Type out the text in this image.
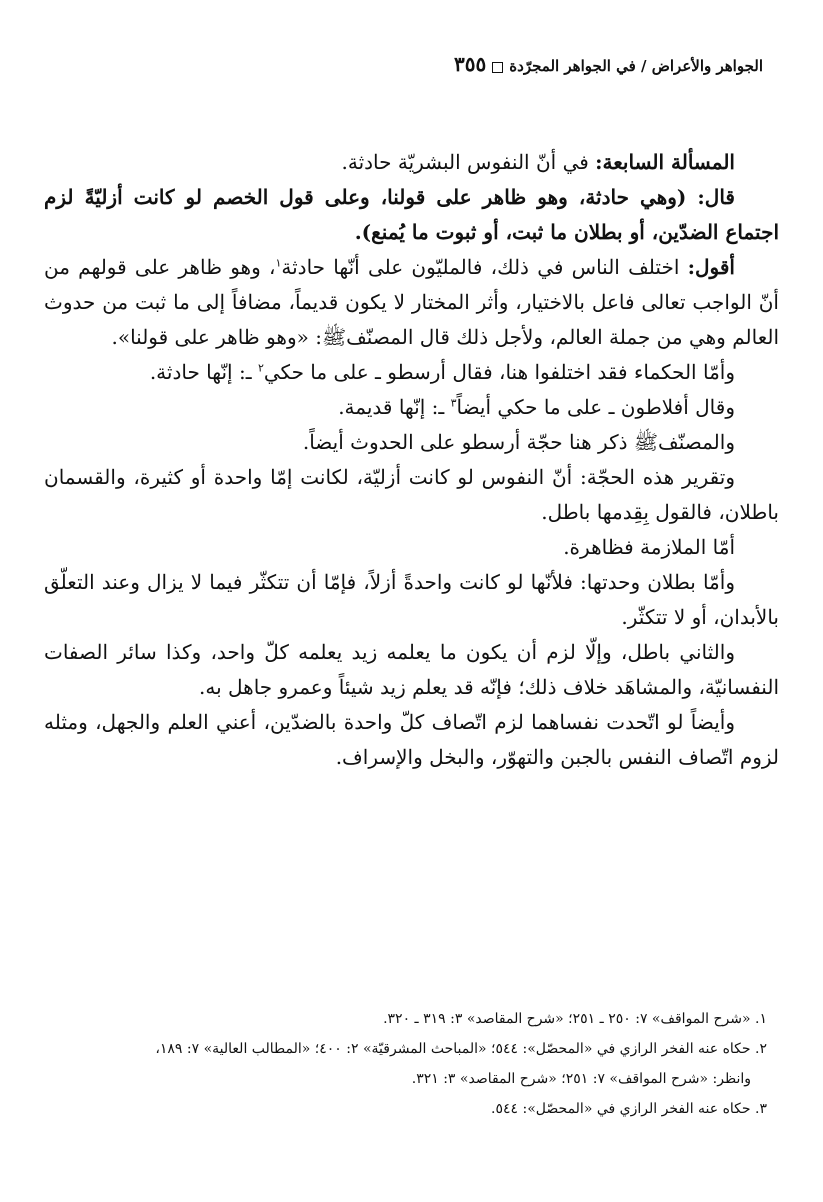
الجواهر والأعراض / في الجواهر المجرّدة٣٥٥

المسألة السابعة: في أنّ النفوس البشريّة حادثة.

قال: (وهي حادثة، وهو ظاهر على قولنا، وعلى قول الخصم لو كانت أزليّةً لزم اجتماع الضدّين، أو بطلان ما ثبت، أو ثبوت ما يُمنع).

أقول: اختلف الناس في ذلك، فالمليّون على أنّها حادثة$^١$، وهو ظاهر على قولهم من أنّ الواجب تعالى فاعل بالاختيار، وأثر المختار لا يكون قديماً، مضافاً إلى ما ثبت من حدوث العالم وهي من جملة العالم، ولأجل ذلك قال المصنّفﷺ: «وهو ظاهر على قولنا».

وأمّا الحكماء فقد اختلفوا هنا، فقال أرسطو ـ على ما حكي$^٢$ ـ: إنّها حادثة.

وقال أفلاطون ـ على ما حكي أيضاً$^٣$ ـ: إنّها قديمة.

والمصنّفﷺ ذكر هنا حجّة أرسطو على الحدوث أيضاً.

وتقرير هذه الحجّة: أنّ النفوس لو كانت أزليّة، لكانت إمّا واحدة أو كثيرة، والقسمان باطلان، فالقول بِقِدمها باطل.

أمّا الملازمة فظاهرة.

وأمّا بطلان وحدتها: فلأنّها لو كانت واحدةً أزلاً، فإمّا أن تتكثّر فيما لا يزال وعند التعلّق بالأبدان، أو لا تتكثّر.

والثاني باطل، وإلّا لزم أن يكون ما يعلمه زيد يعلمه كلّ واحد، وكذا سائر الصفات النفسانيّة، والمشاهَد خلاف ذلك؛ فإنّه قد يعلم زيد شيئاً وعمرو جاهل به.

وأيضاً لو اتّحدت نفساهما لزم اتّصاف كلّ واحدة بالضدّين، أعني العلم والجهل، ومثله لزوم اتّصاف النفس بالجبن والتهوّر، والبخل والإسراف.

١. «شرح المواقف» ٧: ٢٥٠ ـ ٢٥١؛ «شرح المقاصد» ٣: ٣١٩ ـ ٣٢٠.

٢. حكاه عنه الفخر الرازي في «المحصّل»: ٥٤٤؛ «المباحث المشرقيّة» ٢: ٤٠٠؛ «المطالب العالية» ٧: ١٨٩،

وانظر: «شرح المواقف» ٧: ٢٥١؛ «شرح المقاصد» ٣: ٣٢١.

٣. حكاه عنه الفخر الرازي في «المحصّل»: ٥٤٤.
